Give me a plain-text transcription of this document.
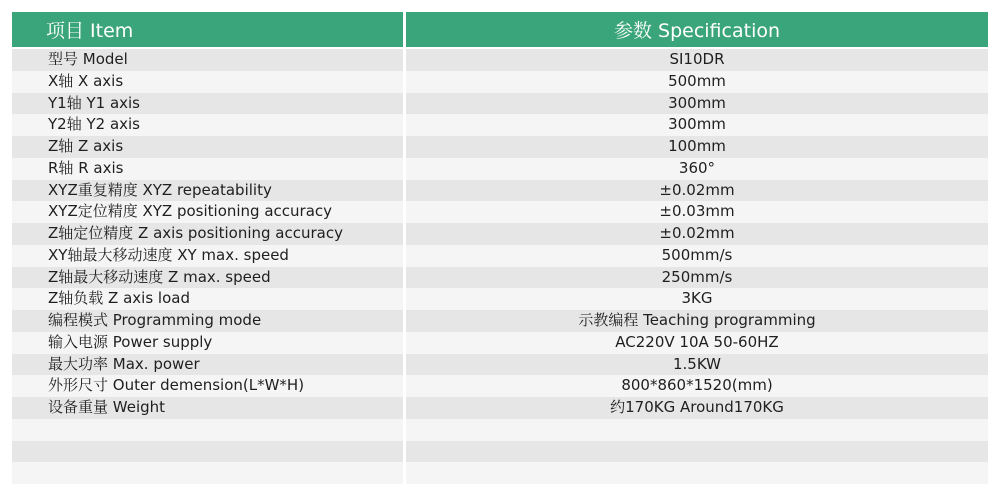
项目 Item	参数 Specification
型号 Model	SI10DR
X轴 X axis	500mm
Y1轴 Y1 axis	300mm
Y2轴 Y2 axis	300mm
Z轴 Z axis	100mm
R轴 R axis	360°
XYZ重复精度 XYZ repeatability	±0.02mm
XYZ定位精度 XYZ positioning accuracy	±0.03mm
Z轴定位精度 Z axis positioning accuracy	±0.02mm
XY轴最大移动速度 XY max. speed	500mm/s
Z轴最大移动速度 Z max. speed	250mm/s
Z轴负载 Z axis load	3KG
编程模式 Programming mode	示教编程 Teaching programming
输入电源 Power supply	AC220V 10A 50-60HZ
最大功率 Max. power	1.5KW
外形尺寸 Outer demension(L*W*H)	800*860*1520(mm)
设备重量 Weight	约170KG Around170KG
